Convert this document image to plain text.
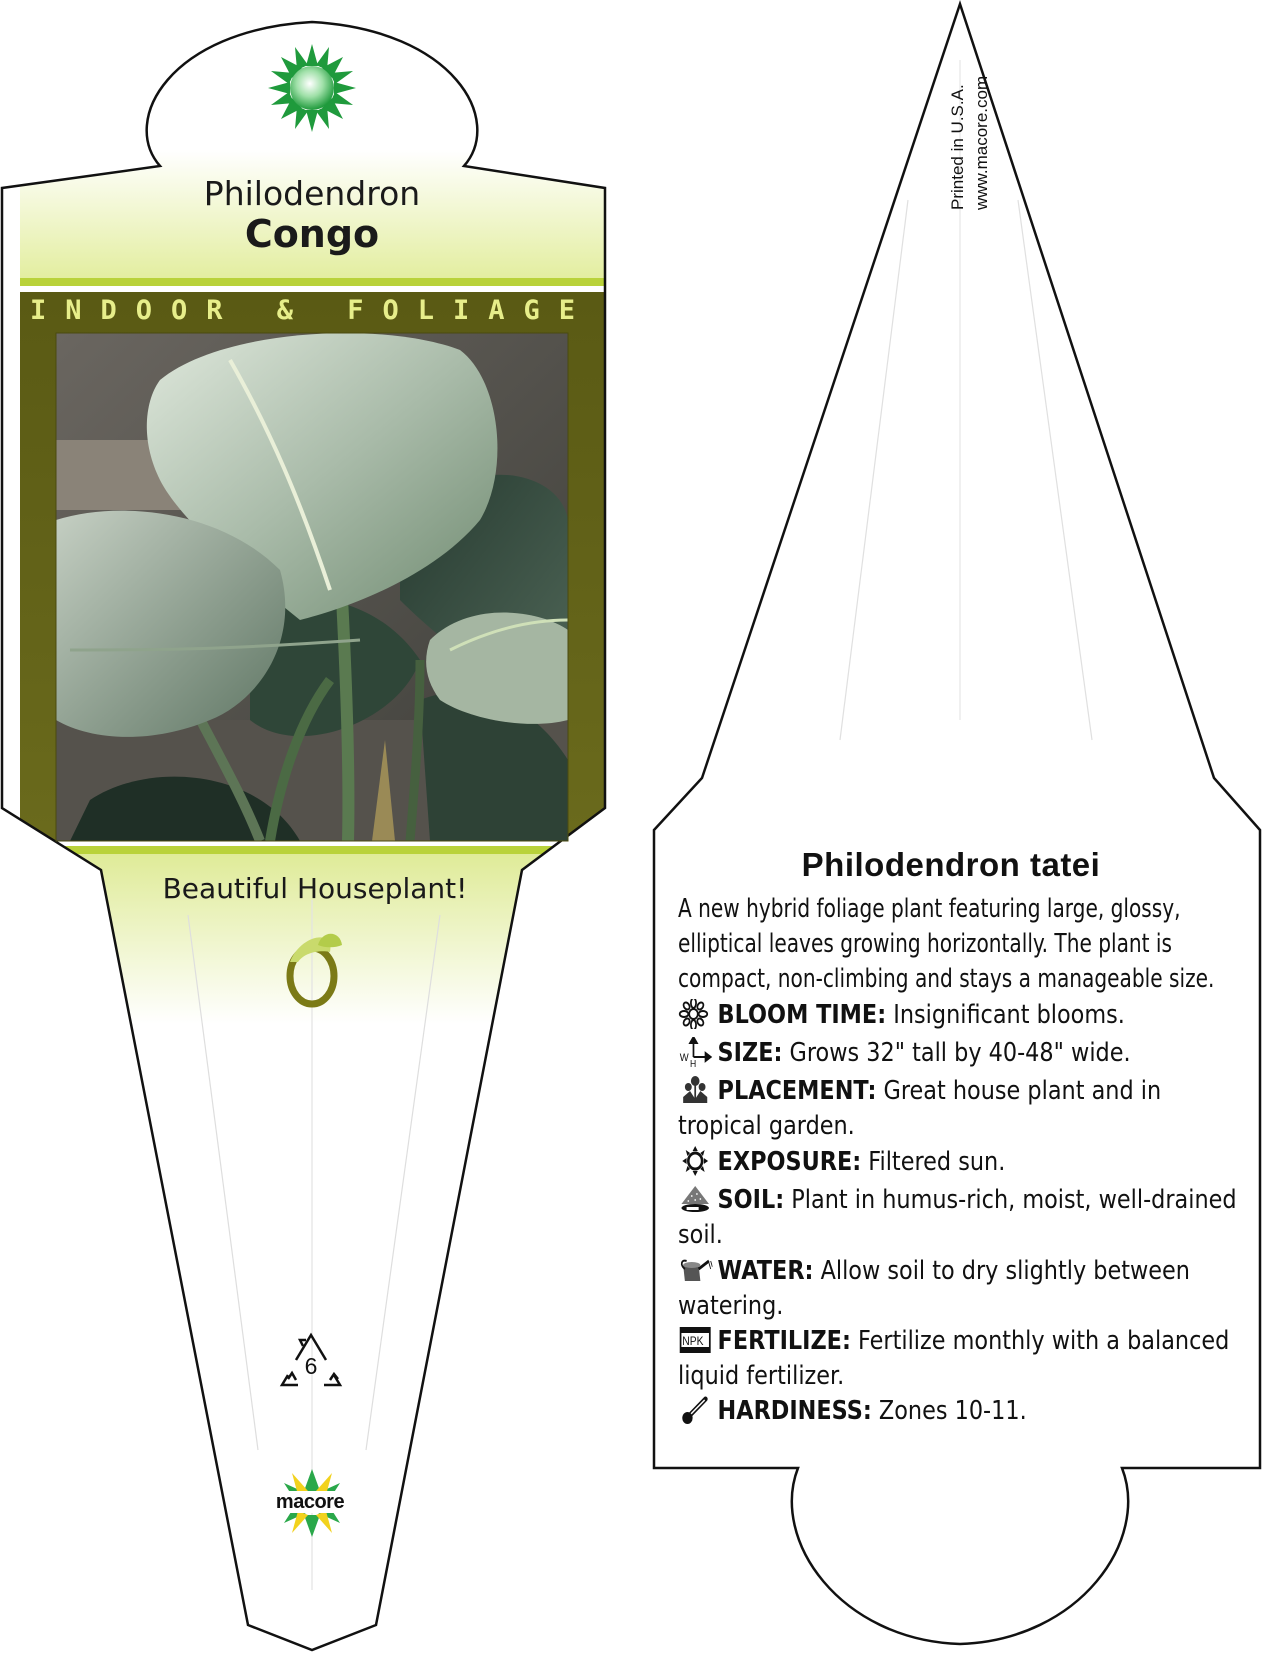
Philodendron
Congo
INDOOR & FOLIAGE
Beautiful Houseplant!
6
macore
Printed in U.S.A. www.macore.com
Philodendron tatei
A new hybrid foliage plant featuring large, glossy, elliptical leaves growing horizontally. The plant is compact, non-climbing and stays a manageable size.
BLOOM TIME: Insignificant blooms.
W H SIZE: Grows 32" tall by 40-48" wide.
PLACEMENT: Great house plant and in tropical garden.
EXPOSURE: Filtered sun.
SOIL: Plant in humus-rich, moist, well-drained soil.
WATER: Allow soil to dry slightly between watering.
NPK FERTILIZE: Fertilize monthly with a balanced liquid fertilizer.
HARDINESS: Zones 10-11.
